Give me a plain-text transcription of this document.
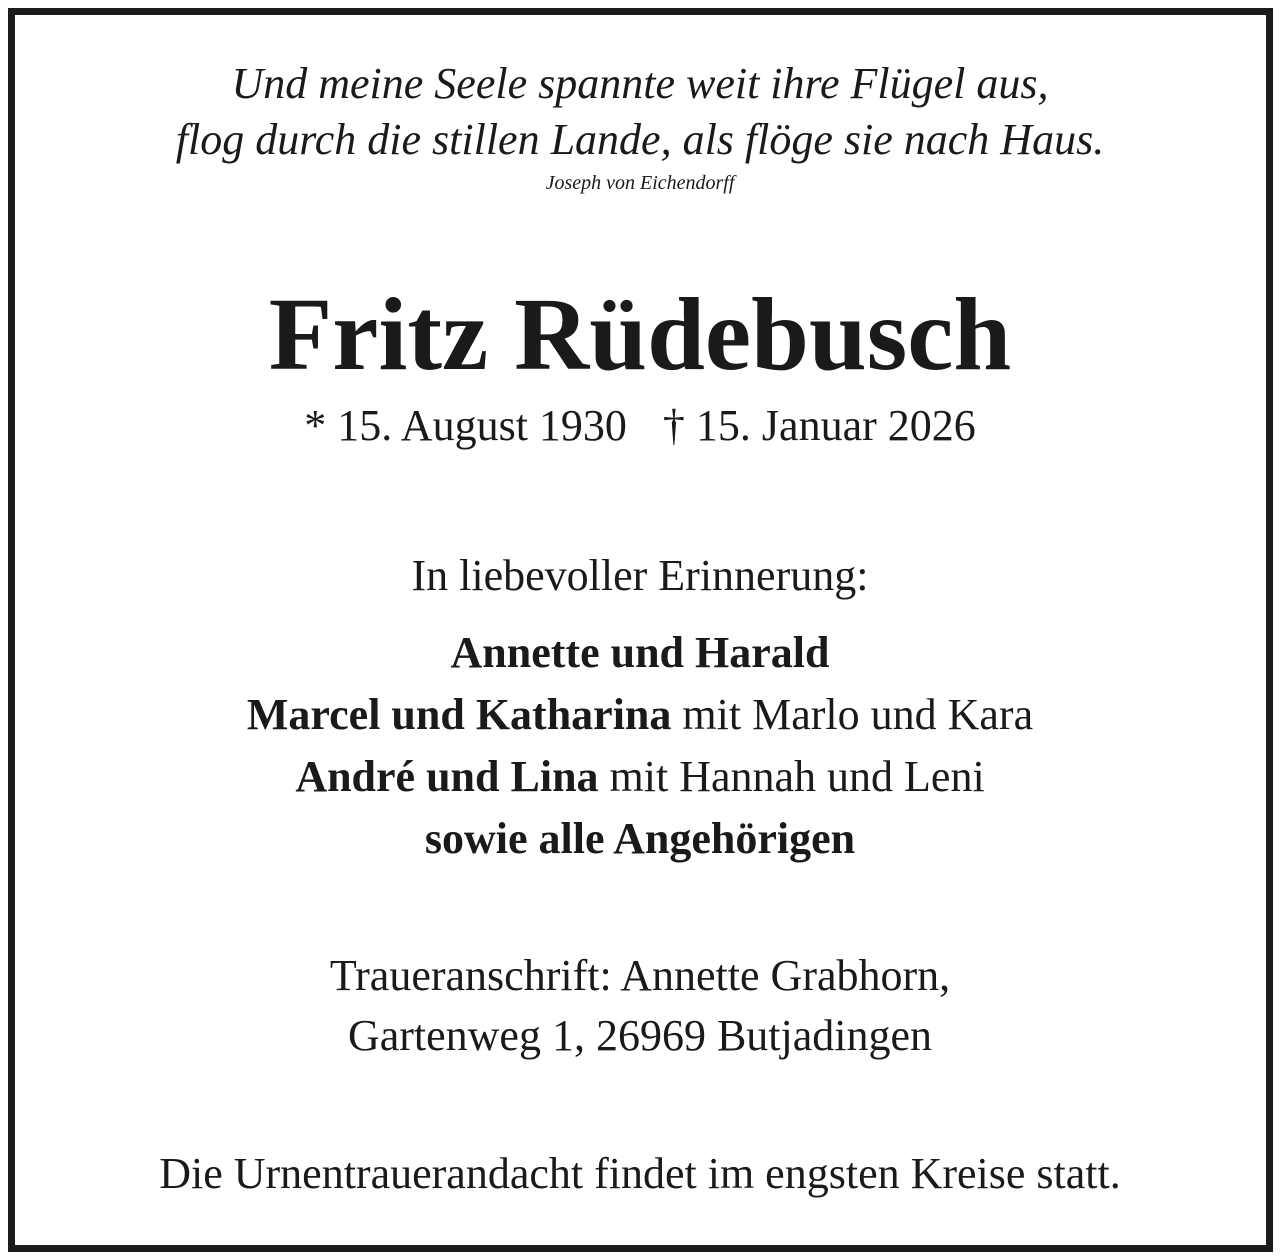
Und meine Seele spannte weit ihre Flügel aus,
flog durch die stillen Lande, als flöge sie nach Haus.
Joseph von Eichendorff
Fritz Rüdebusch
* 15. August 1930 † 15. Januar 2026
In liebevoller Erinnerung:
Annette und Harald
Marcel und Katharina mit Marlo und Kara
André und Lina mit Hannah und Leni
sowie alle Angehörigen
Traueranschrift: Annette Grabhorn,
Gartenweg 1, 26969 Butjadingen
Die Urnentrauerandacht findet im engsten Kreise statt.
